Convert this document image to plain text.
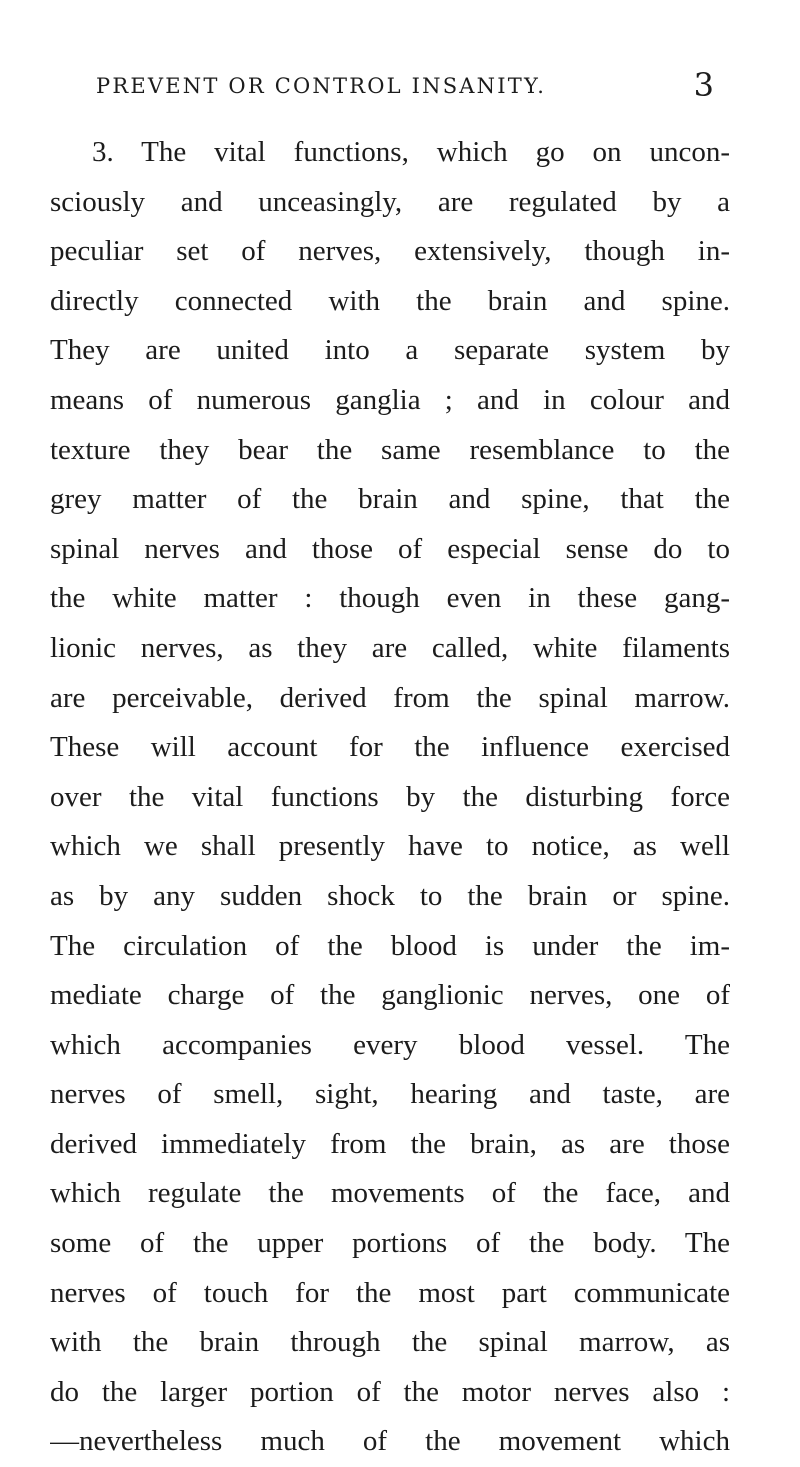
PREVENT OR CONTROL INSANITY.	3
3. The vital functions, which go on uncon-
sciously and unceasingly, are regulated by a
peculiar set of nerves, extensively, though in-
directly connected with the brain and spine.
They are united into a separate system by
means of numerous ganglia ; and in colour and
texture they bear the same resemblance to the
grey matter of the brain and spine, that the
spinal nerves and those of especial sense do to
the white matter : though even in these gang-
lionic nerves, as they are called, white filaments
are perceivable, derived from the spinal marrow.
These will account for the influence exercised
over the vital functions by the disturbing force
which we shall presently have to notice, as well
as by any sudden shock to the brain or spine.
The circulation of the blood is under the im-
mediate charge of the ganglionic nerves, one of
which accompanies every blood vessel. The
nerves of smell, sight, hearing and taste, are
derived immediately from the brain, as are those
which regulate the movements of the face, and
some of the upper portions of the body. The
nerves of touch for the most part communicate
with the brain through the spinal marrow, as
do the larger portion of the motor nerves also :
—nevertheless much of the movement which
